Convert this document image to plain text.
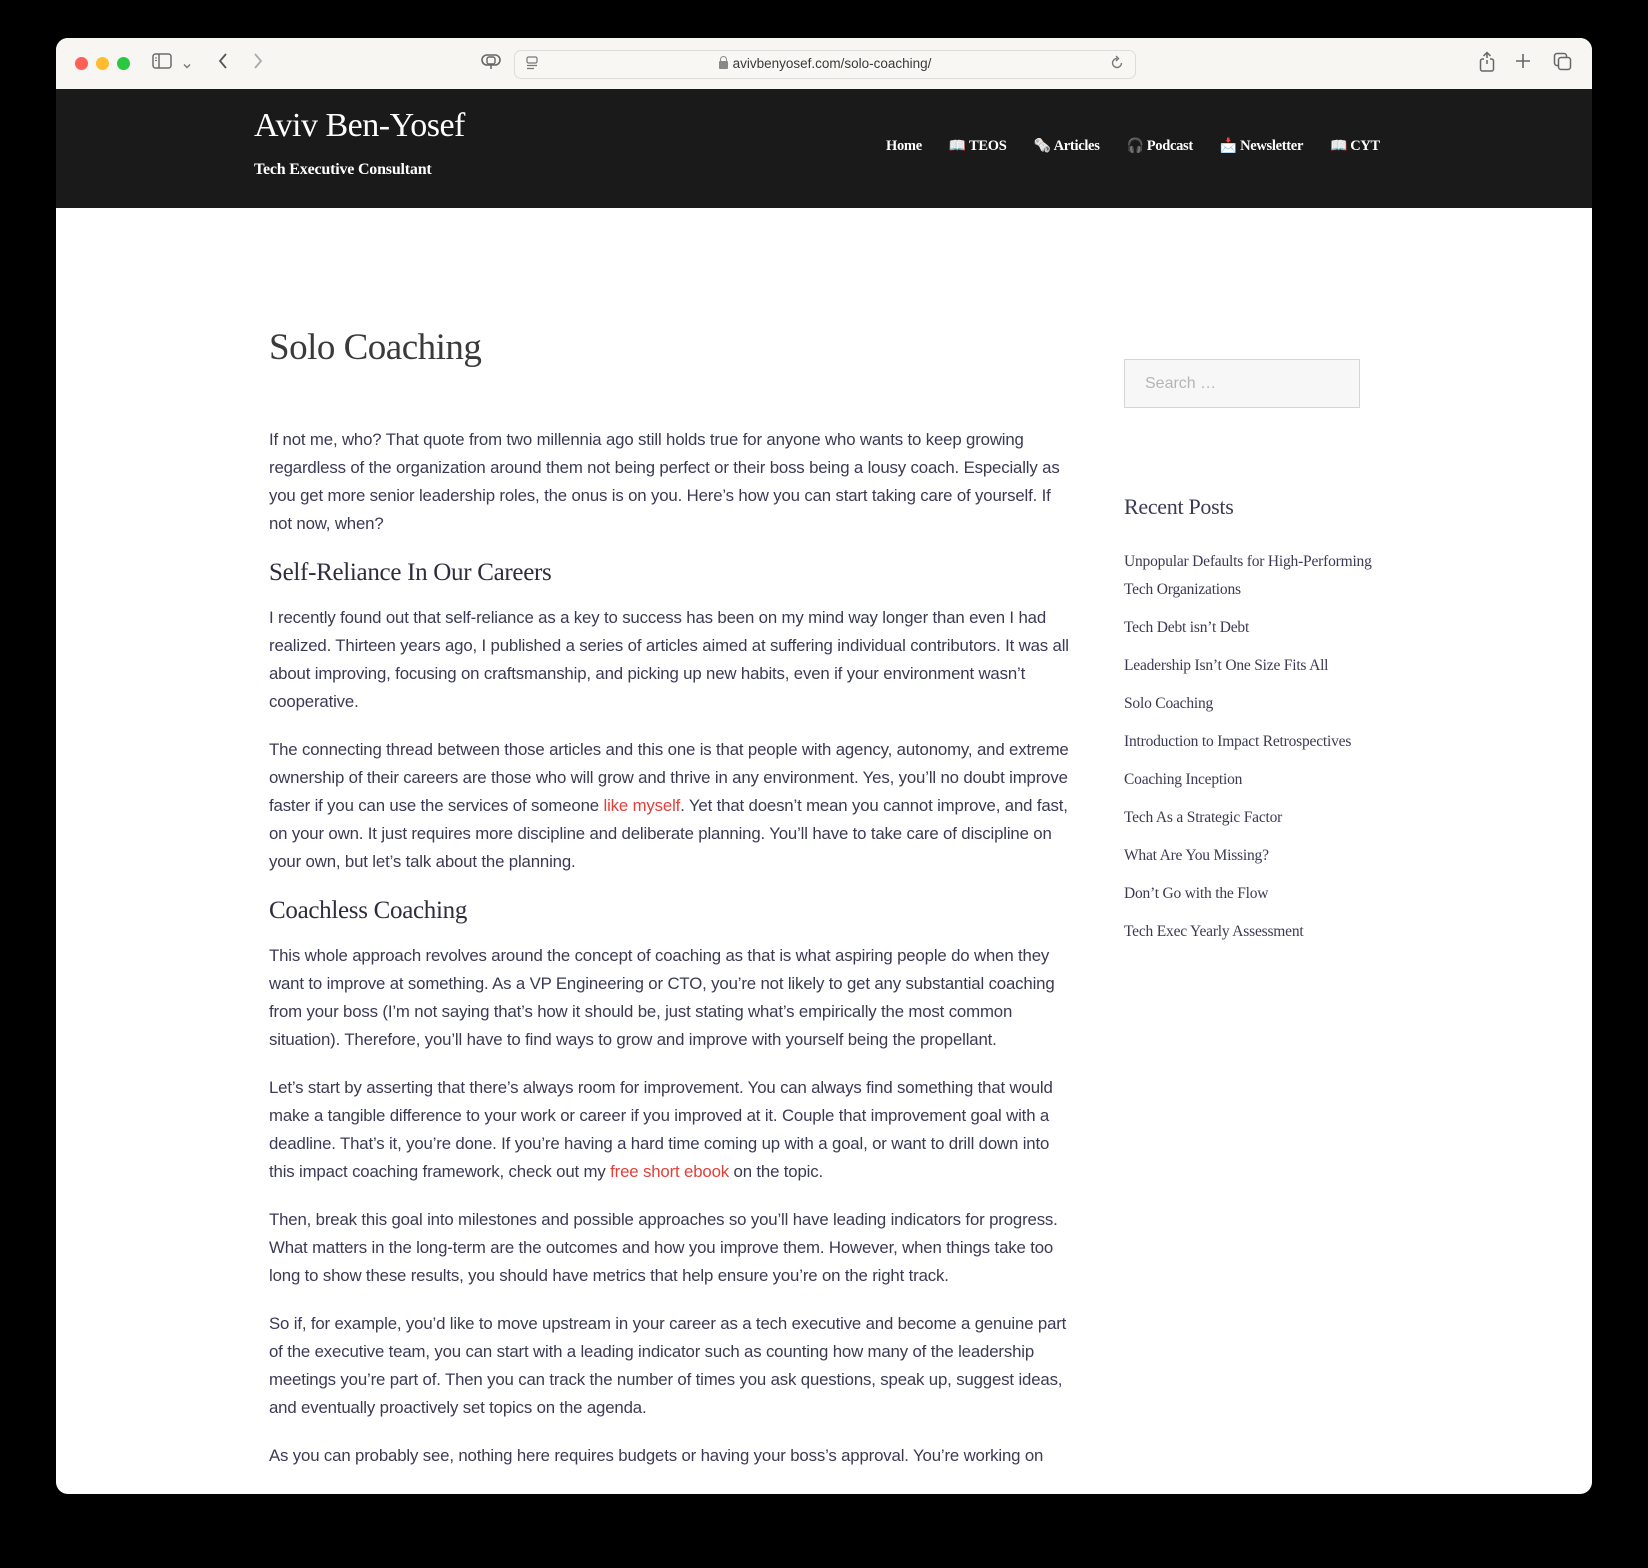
avivbenyosef.com/solo-coaching/
Aviv Ben-Yosef
Tech Executive Consultant
Home 📖 TEOS 🗞️ Articles 🎧 Podcast 📩 Newsletter 📖 CYT
Solo Coaching

If not me, who? That quote from two millennia ago still holds true for anyone who wants to keep growing regardless of the organization around them not being perfect or their boss being a lousy coach. Especially as you get more senior leadership roles, the onus is on you. Here’s how you can start taking care of yourself. If not now, when?

Self-Reliance In Our Careers

I recently found out that self-reliance as a key to success has been on my mind way longer than even I had realized. Thirteen years ago, I published a series of articles aimed at suffering individual contributors. It was all about improving, focusing on craftsmanship, and picking up new habits, even if your environment wasn’t cooperative.

The connecting thread between those articles and this one is that people with agency, autonomy, and extreme ownership of their careers are those who will grow and thrive in any environment. Yes, you’ll no doubt improve faster if you can use the services of someone like myself. Yet that doesn’t mean you cannot improve, and fast, on your own. It just requires more discipline and deliberate planning. You’ll have to take care of discipline on your own, but let’s talk about the planning.

Coachless Coaching

This whole approach revolves around the concept of coaching as that is what aspiring people do when they want to improve at something. As a VP Engineering or CTO, you’re not likely to get any substantial coaching from your boss (I’m not saying that’s how it should be, just stating what’s empirically the most common situation). Therefore, you’ll have to find ways to grow and improve with yourself being the propellant.

Let’s start by asserting that there’s always room for improvement. You can always find something that would make a tangible difference to your work or career if you improved at it. Couple that improvement goal with a deadline. That’s it, you’re done. If you’re having a hard time coming up with a goal, or want to drill down into this impact coaching framework, check out my free short ebook on the topic.

Then, break this goal into milestones and possible approaches so you’ll have leading indicators for progress. What matters in the long-term are the outcomes and how you improve them. However, when things take too long to show these results, you should have metrics that help ensure you’re on the right track.

So if, for example, you’d like to move upstream in your career as a tech executive and become a genuine part of the executive team, you can start with a leading indicator such as counting how many of the leadership meetings you’re part of. Then you can track the number of times you ask questions, speak up, suggest ideas, and eventually proactively set topics on the agenda.

As you can probably see, nothing here requires budgets or having your boss’s approval. You’re working on

Search …
Recent Posts
Unpopular Defaults for High-Performing Tech Organizations
Tech Debt isn’t Debt
Leadership Isn’t One Size Fits All
Solo Coaching
Introduction to Impact Retrospectives
Coaching Inception
Tech As a Strategic Factor
What Are You Missing?
Don’t Go with the Flow
Tech Exec Yearly Assessment
